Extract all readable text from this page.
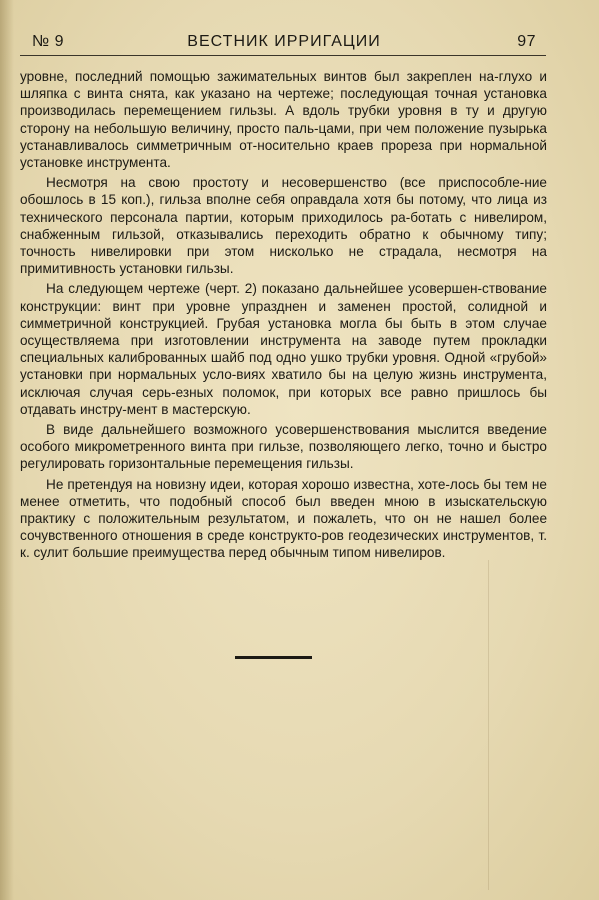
№ 9	ВЕСТНИК ИРРИГАЦИИ	97

уровне, последний помощью зажимательных винтов был закреплен на-глухо и шляпка с винта снята, как указано на чертеже; последующая точная установка производилась перемещением гильзы. А вдоль трубки уровня в ту и другую сторону на небольшую величину, просто паль-цами, при чем положение пузырька устанавливалось симметричным от-носительно краев прореза при нормальной установке инструмента.

Несмотря на свою простоту и несовершенство (все приспособле-ние обошлось в 15 коп.), гильза вполне себя оправдала хотя бы потому, что лица из технического персонала партии, которым приходилось ра-ботать с нивелиром, снабженным гильзой, отказывались переходить обратно к обычному типу; точность нивелировки при этом нисколько не страдала, несмотря на примитивность установки гильзы.

На следующем чертеже (черт. 2) показано дальнейшее усовершен-ствование конструкции: винт при уровне упразднен и заменен простой, солидной и симметричной конструкцией. Грубая установка могла бы быть в этом случае осуществляема при изготовлении инструмента на заводе путем прокладки специальных калиброванных шайб под одно ушко трубки уровня. Одной «грубой» установки при нормальных усло-виях хватило бы на целую жизнь инструмента, исключая случая серь-езных поломок, при которых все равно пришлось бы отдавать инстру-мент в мастерскую.

В виде дальнейшего возможного усовершенствования мыслится введение особого микрометренного винта при гильзе, позволяющего легко, точно и быстро регулировать горизонтальные перемещения гильзы.

Не претендуя на новизну идеи, которая хорошо известна, хоте-лось бы тем не менее отметить, что подобный способ был введен мною в изыскательскую практику с положительным результатом, и пожалеть, что он не нашел более сочувственного отношения в среде конструкто-ров геодезических инструментов, т. к. сулит большие преимущества перед обычным типом нивелиров.
